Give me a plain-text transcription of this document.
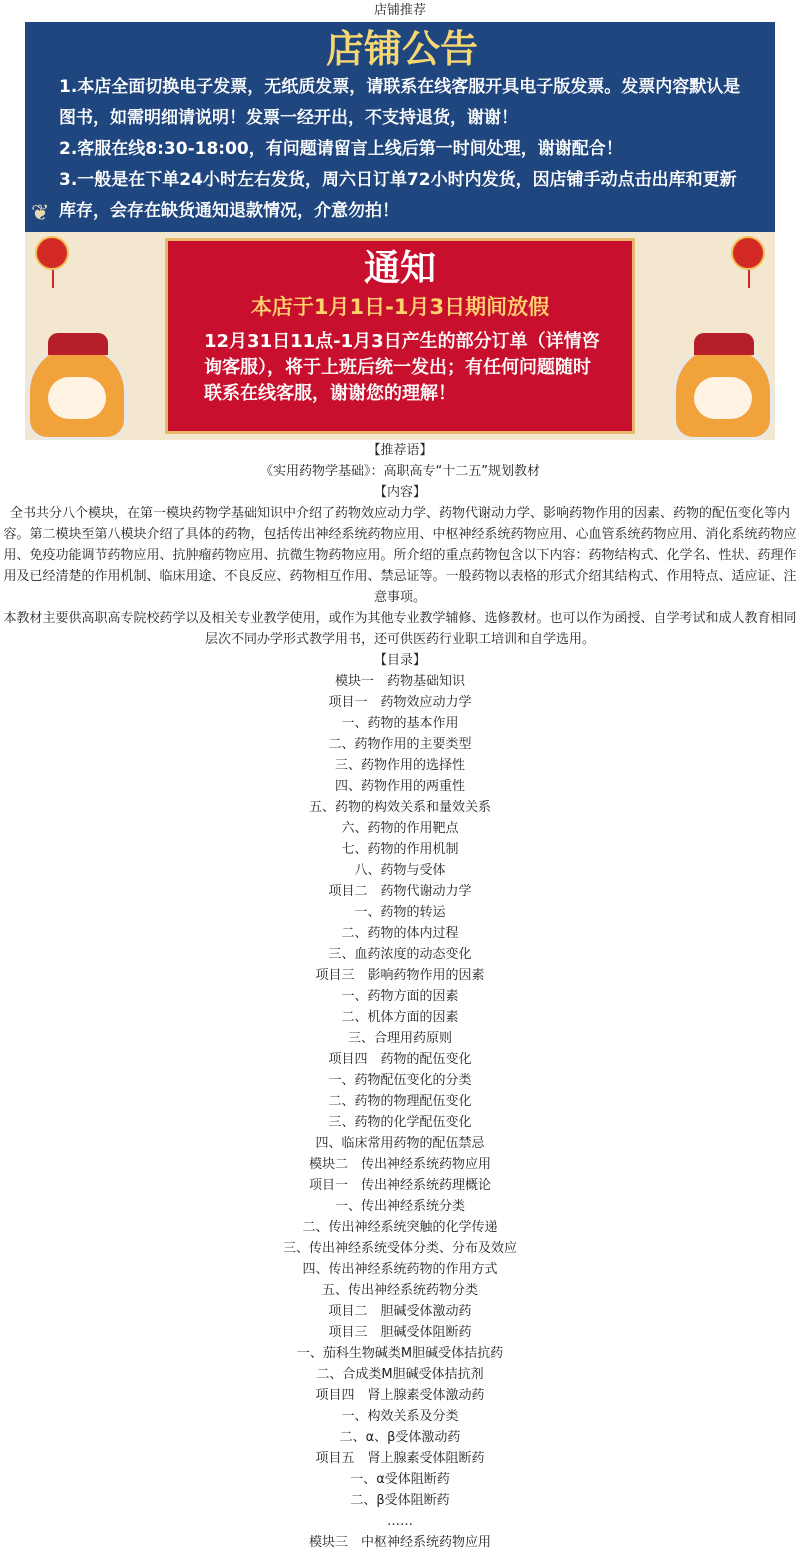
店铺推荐
店铺公告

1.本店全面切换电子发票，无纸质发票，请联系在线客服开具电子版发票。发票内容默认是图书，如需明细请说明！发票一经开出，不支持退货，谢谢！

2.客服在线8:30-18:00，有问题请留言上线后第一时间处理，谢谢配合！

3.一般是在下单24小时左右发货，周六日订单72小时内发货，因店铺手动点击出库和更新库存，会存在缺货通知退款情况，介意勿拍！

❦
通知
本店于1月1日-1月3日期间放假

12月31日11点-1月3日产生的部分订单（详情咨询客服），将于上班后统一发出；有任何问题随时联系在线客服，谢谢您的理解！

【推荐语】
《实用药物学基础》：高职高专“十二五”规划教材
【内容】
全书共分八个模块，在第一模块药物学基础知识中介绍了药物效应动力学、药物代谢动力学、影响药物作用的因素、药物的配伍变化等内容。第二模块至第八模块介绍了具体的药物，包括传出神经系统药物应用、中枢神经系统药物应用、心血管系统药物应用、消化系统药物应用、免疫功能调节药物应用、抗肿瘤药物应用、抗微生物药物应用。所介绍的重点药物包含以下内容：药物结构式、化学名、性状、药理作用及已经清楚的作用机制、临床用途、不良反应、药物相互作用、禁忌证等。一般药物以表格的形式介绍其结构式、作用特点、适应证、注意事项。
本教材主要供高职高专院校药学以及相关专业教学使用，或作为其他专业教学辅修、选修教材。也可以作为函授、自学考试和成人教育相同层次不同办学形式教学用书，还可供医药行业职工培训和自学选用。
【目录】
模块一　药物基础知识
项目一　药物效应动力学
一、药物的基本作用
二、药物作用的主要类型
三、药物作用的选择性
四、药物作用的两重性
五、药物的构效关系和量效关系
六、药物的作用靶点
七、药物的作用机制
八、药物与受体
项目二　药物代谢动力学
一、药物的转运
二、药物的体内过程
三、血药浓度的动态变化
项目三　影响药物作用的因素
一、药物方面的因素
二、机体方面的因素
三、合理用药原则
项目四　药物的配伍变化
一、药物配伍变化的分类
二、药物的物理配伍变化
三、药物的化学配伍变化
四、临床常用药物的配伍禁忌
模块二　传出神经系统药物应用
项目一　传出神经系统药理概论
一、传出神经系统分类
二、传出神经系统突触的化学传递
三、传出神经系统受体分类、分布及效应
四、传出神经系统药物的作用方式
五、传出神经系统药物分类
项目二　胆碱受体激动药
项目三　胆碱受体阻断药
一、茄科生物碱类M胆碱受体拮抗药
二、合成类M胆碱受体拮抗剂
项目四　肾上腺素受体激动药
一、构效关系及分类
二、α、β受体激动药
项目五　肾上腺素受体阻断药
一、α受体阻断药
二、β受体阻断药
……
模块三　中枢神经系统药物应用
